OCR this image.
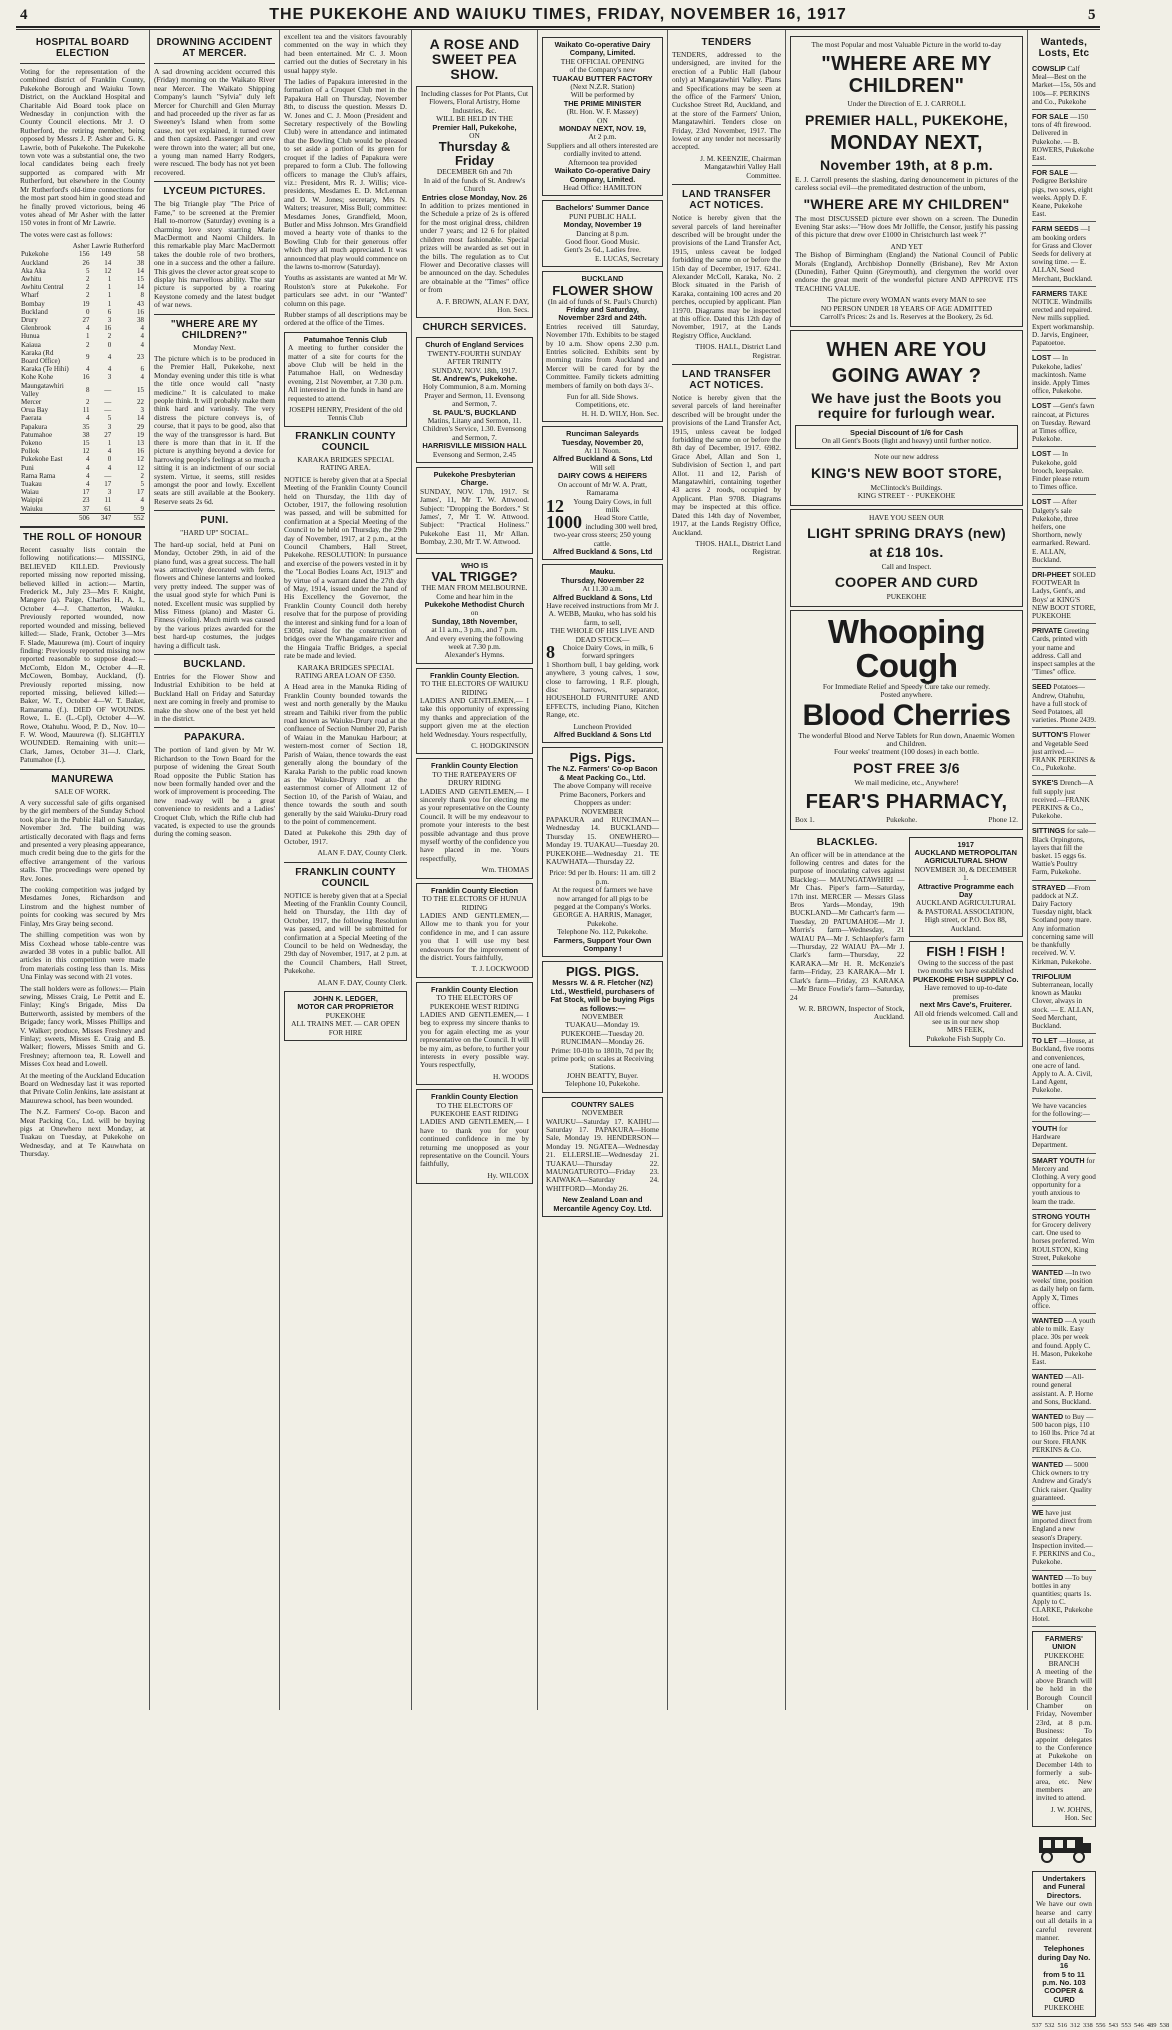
4	THE PUKEKOHE AND WAIUKU TIMES, FRIDAY, NOVEMBER 16, 1917	5
HOSPITAL BOARD ELECTION

Voting for the representation of the combined district of Franklin County, Pukekohe Borough and Waiuku Town District, on the Auckland Hospital and Charitable Aid Board took place on Wednesday in conjunction with the County Council elections. Mr J. O Rutherford, the retiring member, being opposed by Messrs J. P. Asher and G. K. Lawrie, both of Pukekohe. The Pukekohe town vote was a substantial one, the two local candidates being each freely supported as compared with Mr Rutherford, but elsewhere in the County Mr Rutherford's old-time connections for the most part stood him in good stead and he finally proved victorious, being 46 votes ahead of Mr Asher with the latter 150 votes in front of Mr Lawrie.

The votes were cast as follows:

	Asher	Lawrie	Rutherford
Pukekohe	156	149	58
Auckland	26	14	38
Aka Aka	5	12	14
Awhitu	2	1	15
Awhitu Central	2	1	14
Wharf	2	1	8
Bombay	19	1	43
Buckland	0	6	16
Drury	27	3	38
Glenbrook	4	16	4
Hunua	1	2	4
Kaiaua	2	0	4
Karaka (Rd Board Office)	9	4	23
Karaka (Te Hihi)	4	4	6
Kohe Kohe	16	3	4
Maungatawhiri Valley	8	—	15
Mercer	2	—	22
Orua Bay	11	—	3
Paerata	4	5	14
Papakura	35	3	29
Patumahoe	38	27	19
Pokeno	15	1	13
Pollok	12	4	16
Pukekohe East	4	0	12
Puni	4	4	12
Rama Rama	4	—	2
Tuakau	4	17	5
Waiau	17	3	17
Waipipi	23	11	4
Waiuku	37	61	9
	506	347	552
THE ROLL OF HONOUR

Recent casualty lists contain the following notifications:— MISSING, BELIEVED KILLED. Previously reported missing now reported missing, believed killed in action:— Martin, Frederick M., July 23—Mrs F. Knight, Mangere (a). Paige, Charles H., A. I., October 4—J. Chatterton, Waiuku. Previously reported wounded, now reported wounded and missing, believed killed:— Slade, Frank, October 3—Mrs F. Slade, Mauurewa (m). Court of inquiry finding: Previously reported missing now reported reasonable to suppose dead:— McComb, Eldon M., October 4—R. McCowen, Bombay, Auckland, (f). Previously reported missing, now reported missing, believed killed:— Baker, W. T., October 4—W. T. Baker, Ramarama (f.). DIED OF WOUNDS. Rowe, L. E. (L.-Cpl), October 4—W. Rowe, Otahuhu. Wood, P. D., Nov. 10—F. W. Wood, Mauurewa (f). SLIGHTLY WOUNDED. Remaining with unit:— Clark, James, October 31—J. Clark, Patumahoe (f.).

MANUREWA
SALE OF WORK.

A very successful sale of gifts organised by the girl members of the Sunday School took place in the Public Hall on Saturday, November 3rd. The building was artistically decorated with flags and ferns and presented a very pleasing appearance, much credit being due to the girls for the effective arrangement of the various stalls. The proceedings were opened by Rev. Jones.

The cooking competition was judged by Mesdames Jones, Richardson and Linstrom and the highest number of points for cooking was secured by Mrs Finlay, Mrs Gray being second.

The shilling competition was won by Miss Coxhead whose table-centre was awarded 38 votes in a public ballot. All articles in this competition were made from materials costing less than 1s. Miss Una Finlay was second with 21 votes.

The stall holders were as follows:— Plain sewing, Misses Craig, Le Pettit and E. Finlay; King's Brigade, Miss Da Butterworth, assisted by members of the Brigade; fancy work, Misses Phillips and V. Walker; produce, Misses Freshney and Finlay; sweets, Misses E. Craig and B. Walker; flowers, Misses Smith and G. Freshney; afternoon tea, R. Lowell and Misses Cox head and Lowell.

At the meeting of the Auckland Education Board on Wednesday last it was reported that Private Colin Jenkins, late assistant at Mauurewa school, has been wounded.

The N.Z. Farmers' Co-op. Bacon and Meat Packing Co., Ltd. will be buying pigs at Onewhero next Monday, at Tuakau on Tuesday, at Pukekohe on Wednesday, and at Te Kauwhata on Thursday.

DROWNING ACCIDENT AT MERCER.

A sad drowning accident occurred this (Friday) morning on the Waikato River near Mercer. The Waikato Shipping Company's launch "Sylvia" duly left Mercer for Churchill and Glen Murray and had proceeded up the river as far as Sweeney's Island when from some cause, not yet explained, it turned over and then capsized. Passenger and crew were thrown into the water; all but one, a young man named Harry Rodgers, were rescued. The body has not yet been recovered.

LYCEUM PICTURES.

The big Triangle play "The Price of Fame," to be screened at the Premier Hall to-morrow (Saturday) evening is a charming love story starring Marie MacDermott and Naomi Childers. In this remarkable play Marc MacDermott takes the double role of two brothers, one in a success and the other a failure. This gives the clever actor great scope to display his marvellous ability. The star picture is supported by a roaring Keystone comedy and the latest budget of war news.

"WHERE ARE MY CHILDREN?"
Monday Next.

The picture which is to be produced in the Premier Hall, Pukekohe, next Monday evening under this title is what the title once would call "nasty medicine." It is calculated to make people think. It will probably make them think hard and variously. The very distress the picture conveys is, of course, that it pays to be good, also that the way of the transgressor is hard. But there is more than that in it. If the picture is anything beyond a device for harrowing people's feelings at so much a sitting it is an indictment of our social system. Virtue, it seems, still resides amongst the poor and lowly. Excellent seats are still available at the Bookery. Reserve seats 2s 6d.

PUNI.
"HARD UP" SOCIAL.

The hard-up social, held at Puni on Monday, October 29th, in aid of the piano fund, was a great success. The hall was attractively decorated with ferns, flowers and Chinese lanterns and looked very pretty indeed. The supper was of the usual good style for which Puni is noted. Excellent music was supplied by Miss Fitness (piano) and Master G. Fitness (violin). Much mirth was caused by the various prizes awarded for the best hard-up costumes, the judges having a difficult task.

BUCKLAND.

Entries for the Flower Show and Industrial Exhibition to be held at Buckland Hall on Friday and Saturday next are coming in freely and promise to make the show one of the best yet held in the district.

PAPAKURA.

The portion of land given by Mr W. Richardson to the Town Board for the purpose of widening the Great South Road opposite the Public Station has now been formally handed over and the work of improvement is proceeding. The new road-way will be a great convenience to residents and a Ladies' Croquet Club, which the Rifle club had vacated, is expected to use the grounds during the coming season.

excellent tea and the visitors favourably commented on the way in which they had been entertained. Mr C. J. Moon carried out the duties of Secretary in his usual happy style.

The ladies of Papakura interested in the formation of a Croquet Club met in the Papakura Hall on Thursday, November 8th, to discuss the question. Messrs D. W. Jones and C. J. Moon (President and Secretary respectively of the Bowling Club) were in attendance and intimated that the Bowling Club would be pleased to set aside a portion of its green for croquet if the ladies of Papakura were prepared to form a Club. The following officers to manage the Club's affairs, viz.: President, Mrs R. J. Willis; vice-presidents, Mesdames E. D. McLennan and D. W. Jones; secretary, Mrs N. Walters; treasurer, Miss Bull; committee: Mesdames Jones, Grandfield, Moon, Butler and Miss Johnson. Mrs Grandfield moved a hearty vote of thanks to the Bowling Club for their generous offer which they all much appreciated. It was announced that play would commence on the lawns to-morrow (Saturday).

Youths as assistants are wanted at Mr W. Roulston's store at Pukekohe. For particulars see advt. in our "Wanted" column on this page.

Rubber stamps of all descriptions may be ordered at the office of the Times.

Patumahoe Tennis Club

A meeting to further consider the matter of a site for courts for the above Club will be held in the Patumahoe Hall, on Wednesday evening, 21st November, at 7.30 p.m. All interested in the funds in hand are requested to attend.

JOSEPH HENRY, President of the old Tennis Club
FRANKLIN COUNTY COUNCIL
KARAKA BRIDGES SPECIAL RATING AREA.

NOTICE is hereby given that at a Special Meeting of the Franklin County Council held on Thursday, the 11th day of October, 1917, the following resolution was passed, and will be submitted for confirmation at a Special Meeting of the Council to be held on Thursday, the 29th day of November, 1917, at 2 p.m., at the Council Chambers, Hall Street, Pukekohe. RESOLUTION: In pursuance and exercise of the powers vested in it by the "Local Bodies Loans Act, 1913" and by virtue of a warrant dated the 27th day of May, 1914, issued under the hand of His Excellency the Governor, the Franklin County Council doth hereby resolve that for the purpose of providing the interest and sinking fund for a loan of £3050, raised for the construction of bridges over the Whangamaire river and the Hingaia Traffic Bridges, a special rate be made and levied.

KARAKA BRIDGES SPECIAL RATING AREA LOAN OF £350.

A Head area in the Manuka Riding of Franklin County bounded towards the west and north generally by the Mauku stream and Taihiki river from the public road known as Waiuku-Drury road at the confluence of Section Number 20, Parish of Waiau in the Manukau Harbour; at western-most corner of Section 18, Parish of Waiau, thence towards the east generally along the boundary of the Karaka Parish to the public road known as the Waiuku-Drury road at the easternmost corner of Allotment 12 of Section 10, of the Parish of Waiau, and thence towards the south and south generally by the said Waiuku-Drury road to the point of commencement.

Dated at Pukekohe this 29th day of October, 1917.

ALAN F. DAY, County Clerk.
FRANKLIN COUNTY COUNCIL

NOTICE is hereby given that at a Special Meeting of the Franklin County Council, held on Thursday, the 11th day of October, 1917, the following Resolution was passed, and will be submitted for confirmation at a Special Meeting of the Council to be held on Wednesday, the 29th day of November, 1917, at 2 p.m. at the Council Chambers, Hall Street, Pukekohe.

ALAN F. DAY, County Clerk.
JOHN K. LEDGER,
MOTOR CAR PROPRIETOR
PUKEKOHE
ALL TRAINS MET. — CAR OPEN FOR HIRE
A ROSE AND SWEET PEA SHOW.
Including classes for Pot Plants, Cut Flowers, Floral Artistry, Home Industries, &c.
WILL BE HELD IN THE
Premier Hall, Pukekohe,
ON
Thursday & Friday
DECEMBER 6th and 7th
In aid of the funds of St. Andrew's Church
Entries close Monday, Nov. 26

In addition to prizes mentioned in the Schedule a prize of 2s is offered for the most original dress, children under 7 years; and 12 6 for plaited children most fashionable. Special prizes will be awarded as set out in the bills. The regulation as to Cut Flower and Decorative classes will be announced on the day. Schedules are obtainable at the "Times" office or from

A. F. BROWN, ALAN F. DAY, Hon. Secs.
CHURCH SERVICES.
Church of England Services
TWENTY-FOURTH SUNDAY AFTER TRINITY
SUNDAY, NOV. 18th, 1917.
St. Andrew's, Pukekohe.
Holy Communion, 8 a.m. Morning Prayer and Sermon, 11. Evensong and Sermon, 7.
St. PAUL'S, BUCKLAND
Matins, Litany and Sermon, 11. Children's Service, 1.30. Evensong and Sermon, 7.
HARRISVILLE MISSION HALL
Evensong and Sermon, 2.45
Pukekohe Presbyterian Charge.

SUNDAY, NOV. 17th, 1917. St James', 11, Mr T. W. Attwood. Subject: "Dropping the Borders." St James', 7, Mr T. W. Attwood. Subject: "Practical Holiness." Pukekohe East 11, Mr Allan. Bombay, 2.30, Mr T. W. Attwood.

WHO IS
VAL TRIGGE?
THE MAN FROM MELBOURNE.
Come and hear him in the
Pukekohe Methodist Church
on
Sunday, 18th November,
at 11 a.m., 3 p.m., and 7 p.m.
And every evening the following week at 7.30 p.m.
Alexander's Hymns.
Franklin County Election.
TO THE ELECTORS OF WAIUKU RIDING

LADIES AND GENTLEMEN,— I take this opportunity of expressing my thanks and appreciation of the support given me at the election held Wednesday. Yours respectfully,

C. HODGKINSON
Franklin County Election
TO THE RATEPAYERS OF DRURY RIDING

LADIES AND GENTLEMEN,— I sincerely thank you for electing me as your representative on the County Council. It will be my endeavour to promote your interests to the best possible advantage and thus prove myself worthy of the confidence you have placed in me. Yours respectfully,

Wm. THOMAS
Franklin County Election
TO THE ELECTORS OF HUNUA RIDING

LADIES AND GENTLEMEN,— Allow me to thank you for your confidence in me, and I can assure you that I will use my best endeavours for the improvement of the district. Yours faithfully,

T. J. LOCKWOOD
Franklin County Election
TO THE ELECTORS OF PUKEKOHE WEST RIDING

LADIES AND GENTLEMEN,— I beg to express my sincere thanks to you for again electing me as your representative on the Council. It will be my aim, as before, to further your interests in every possible way. Yours respectfully,

H. WOODS
Franklin County Election
TO THE ELECTORS OF PUKEKOHE EAST RIDING

LADIES AND GENTLEMEN,— I have to thank you for your continued confidence in me by returning me unopposed as your representative on the Council. Yours faithfully,

Hy. WILCOX
Waikato Co-operative Dairy Company, Limited.
THE OFFICIAL OPENING
of the Company's new
TUAKAU BUTTER FACTORY
(Next N.Z.R. Station)
Will be performed by
THE PRIME MINISTER
(Rt. Hon. W. F. Massey)
ON
MONDAY NEXT, NOV. 19,
At 2 p.m.
Suppliers and all others interested are cordially invited to attend.
Afternoon tea provided
Waikato Co-operative Dairy Company, Limited.
Head Office: HAMILTON
Bachelors' Summer Dance
PUNI PUBLIC HALL
Monday, November 19
Dancing at 8 p.m.
Good floor. Good Music.
Gent's 2s 6d., Ladies free.
E. LUCAS, Secretary
BUCKLAND
FLOWER SHOW
(In aid of funds of St. Paul's Church)
Friday and Saturday,
November 23rd and 24th.

Entries received till Saturday, November 17th. Exhibits to be staged by 10 a.m. Show opens 2.30 p.m. Entries solicited. Exhibits sent by morning trains from Auckland and Mercer will be cared for by the Committee. Family tickets admitting members of family on both days 3/-.

Fun for all. Side Shows. Competitions, etc.
H. H. D. WILY, Hon. Sec.
Runciman Saleyards
Tuesday, November 20,
At 11 Noon.
Alfred Buckland & Sons, Ltd
Will sell
DAIRY COWS & HEIFERS
On account of Mr W. A. Pratt, Ramarama
12 Young Dairy Cows, in full milk
1000 Head Store Cattle, including 300 well bred, two-year cross steers; 250 young cattle.
Alfred Buckland & Sons, Ltd
Mauku.
Thursday, November 22
At 11.30 a.m.
Alfred Buckland & Sons, Ltd
Have received instructions from Mr J. A. WEBB, Mauku, who has sold his farm, to sell,
THE WHOLE OF HIS LIVE AND DEAD STOCK—
8 Choice Dairy Cows, in milk, 6 forward springers

1 Shorthorn bull, 1 bay gelding, work anywhere, 3 young calves, 1 sow, close to farrowing, 1 R.F. plough, disc harrows, separator, HOUSEHOLD FURNITURE AND EFFECTS, including Piano, Kitchen Range, etc.

Luncheon Provided
Alfred Buckland & Sons Ltd
Pigs. Pigs.
The N.Z. Farmers' Co-op Bacon & Meat Packing Co., Ltd.
The above Company will receive Prime Baconers, Porkers and Choppers as under:
NOVEMBER

PAPAKURA and RUNCIMAN—Wednesday 14. BUCKLAND—Thursday 15. ONEWHERO—Monday 19. TUAKAU—Tuesday 20. PUKEKOHE—Wednesday 21. TE KAUWHATA—Thursday 22.

Price: 9d per lb. Hours: 11 am. till 2 p.m.
At the request of farmers we have now arranged for all pigs to be pegged at the Company's Works.
GEORGE A. HARRIS, Manager, Pukekohe.
Telephone No. 112, Pukekohe.
Farmers, Support Your Own Company !
PIGS. PIGS.
Messrs W. & R. Fletcher (NZ) Ltd., Westfield, purchasers of Fat Stock, will be buying Pigs as follows:—
NOVEMBER
TUAKAU—Monday 19. PUKEKOHE—Tuesday 20. RUNCIMAN—Monday 26.
Prime: 10-01b to 1801b, 7d per lb; prime pork; on scales at Receiving Stations.
JOHN BEATTY, Buyer.
Telephone 10, Pukekohe.
COUNTRY SALES
NOVEMBER

WAIUKU—Saturday 17. KAIHU—Saturday 17. PAPAKURA—Home Sale, Monday 19. HENDERSON—Monday 19. NGATEA—Wednesday 21. ELLERSLIE—Wednesday 21. TUAKAU—Thursday 22. MAUNGATUROTO—Friday 23. KAIWAKA—Saturday 24. WHITFORD—Monday 26.

New Zealand Loan and Mercantile Agency Coy. Ltd.
TENDERS

TENDERS, addressed to the undersigned, are invited for the erection of a Public Hall (labour only) at Mangatawhiri Valley. Plans and Specifications may be seen at the office of the Farmers' Union, Cuckshoe Street Rd, Auckland, and at the store of the Farmers' Union, Mangatawhiri. Tenders close on Friday, 23rd November, 1917. The lowest or any tender not necessarily accepted.

J. M. KEENZIE, Chairman Mangatawhiri Valley Hall Committee.
LAND TRANSFER ACT NOTICES.

Notice is hereby given that the several parcels of land hereinafter described will be brought under the provisions of the Land Transfer Act, 1915, unless caveat be lodged forbidding the same on or before the 15th day of December, 1917. 6241. Alexander McColl, Karaka, No. 2 Block situated in the Parish of Karaka, containing 100 acres and 20 perches, occupied by applicant. Plan 11970. Diagrams may be inspected at this office. Dated this 12th day of November, 1917, at the Lands Registry Office, Auckland.

THOS. HALL, District Land Registrar.
LAND TRANSFER ACT NOTICES.

Notice is hereby given that the several parcels of land hereinafter described will be brought under the provisions of the Land Transfer Act, 1915, unless caveat be lodged forbidding the same on or before the 8th day of December, 1917. 6982. Grace Abel, Allan and Son 1, Subdivision of Section 1, and part Allot. 11 and 12, Parish of Mangatawhiri, containing together 43 acres 2 roods, occupied by Applicant. Plan 9708. Diagrams may be inspected at this office. Dated this 14th day of November, 1917, at the Lands Registry Office, Auckland.

THOS. HALL, District Land Registrar.
The most Popular and most Valuable Picture in the world to-day
"WHERE ARE MY CHILDREN"
Under the Direction of E. J. CARROLL
PREMIER HALL, PUKEKOHE,
MONDAY NEXT,
November 19th, at 8 p.m.

E. J. Carroll presents the slashing, daring denouncement in pictures of the careless social evil—the premeditated destruction of the unborn,

"WHERE ARE MY CHILDREN"

The most DISCUSSED picture ever shown on a screen. The Dunedin Evening Star asks:—"How does Mr Jolliffe, the Censor, justify his passing of this picture that drew over £1000 in Christchurch last week ?"

AND YET

The Bishop of Birmingham (England) the National Council of Public Morals (England), Archbishop Donnelly (Brisbane), Rev Mr Axton (Dunedin), Father Quinn (Greymouth), and clergymen the world over endorse the great merit of the wonderful picture AND APPROVE ITS TEACHING VALUE.

The picture every WOMAN wants every MAN to see
NO PERSON UNDER 18 YEARS OF AGE ADMITTED
Carroll's Prices: 2s and 1s. Reserves at the Bookery, 2s 6d.
WHEN ARE YOU
GOING AWAY ?
We have just the Boots you require for furlough wear.
Special Discount of 1/6 for Cash
On all Gent's Boots (light and heavy) until further notice.
Note our new address
KING'S NEW BOOT STORE,
McClintock's Buildings.
KING STREET · · PUKEKOHE
HAVE YOU SEEN OUR
LIGHT SPRING DRAYS (new)
at £18 10s.
Call and Inspect.
COOPER AND CURD
PUKEKOHE
Whooping Cough
For Immediate Relief and Speedy Cure take our remedy.
Posted anywhere.
Blood Cherries
The wonderful Blood and Nerve Tablets for Run down, Anaemic Women and Children.
Four weeks' treatment (100 doses) in each bottle.
POST FREE 3/6
We mail medicine, etc., Anywhere!
FEAR'S PHARMACY,
Box 1.	Pukekohe.	Phone 12.
BLACKLEG.

An officer will be in attendance at the following centres and dates for the purpose of inoculating calves against Blackleg:— MAUNGATAWHIRI — Mr Chas. Piper's farm—Saturday, 17th inst. MERCER — Messrs Glass Bros Yards—Monday, 19th BUCKLAND—Mr Cathcart's farm —Tuesday, 20 PATUMAHOE—Mr J. Morris's farm—Wednesday, 21 WAIAU PA—Mr J. Schlaepfer's farm—Thursday, 22 WAIAU PA—Mr J. Clark's farm—Thursday, 22 KARAKA—Mr H. R. McKenzie's farm—Friday, 23 KARAKA—Mr I. Clark's farm—Friday, 23 KARAKA—Mr Bruce Fowlie's farm—Saturday, 24

W. R. BROWN, Inspector of Stock, Auckland.
1917
AUCKLAND METROPOLITAN AGRICULTURAL SHOW
NOVEMBER 30, & DECEMBER 1.
Attractive Programme each Day
AUCKLAND AGRICULTURAL & PASTORAL ASSOCIATION, High street, or P.O. Box 88, Auckland.
FISH ! FISH !
Owing to the success of the past two months we have established
PUKEKOHE FISH SUPPLY Co.
Have removed to up-to-date premises
next Mrs Cave's, Fruiterer.
All old friends welcomed. Call and see us in our new shop
MRS FEEK,
Pukekohe Fish Supply Co.
Wanteds, Losts, Etc
COWSLIP Calf Meal—Best on the Market—15s, 50s and 100s—F. PERKINS and Co., Pukekohe
FOR SALE —150 tons of 4ft firewood. Delivered in Pukekohe. — B. ROWERS, Pukekohe East.
FOR SALE — Pedigree Berkshire pigs, two sows, eight weeks. Apply D. F. Keane, Pukekohe East.
FARM SEEDS —I am booking orders for Grass and Clover Seeds for delivery at sowing time. — E. ALLAN, Seed Merchant, Buckland.
FARMERS TAKE NOTICE. Windmills erected and repaired. New mills supplied. Expert workmanship. D. Jarvis, Engineer, Papatoetoe.
LOST — In Pukekohe, ladies' mackintosh. Name inside. Apply Times office, Pukekohe.
LOST —Gent's fawn raincoat, at Pictures on Tuesday. Reward at Times office, Pukekohe.
LOST — In Pukekohe, gold brooch, keepsake. Finder please return to Times office.
LOST — After Dalgety's sale Pukekohe, three heifers, one Shorthorn, newly earmarked. Reward. E. ALLAN, Buckland.
DRI-PHEET SOLED FOOTWEAR In Ladys, Gent's, and Boys' at KING'S NEW BOOT STORE, PUKEKOHE
PRIVATE Greeting Cards, printed with your name and address. Call and inspect samples at the "Times" office.
SEED Potatoes—Andrew, Otahuhu, have a full stock of Seed Potatoes, all varieties. Phone 2439.
SUTTON'S Flower and Vegetable Seed just arrived.—FRANK PERKINS & Co., Pukekohe.
SYKE'S Drench—A full supply just received.—FRANK PERKINS & Co., Pukekohe.
SITTINGS for sale—Black Orpingtons, layers that fill the basket. 15 eggs 6s. Wattie's Poultry Farm, Pukekohe.
STRAYED —From paddock at N.Z. Dairy Factory Tuesday night, black Scotland pony mare. Any information concerning same will be thankfully received. W. V. Kirkman, Pukekohe.
TRIFOLIUM Subterranean, locally known as Mauku Clover, always in stock. — E. ALLAN, Seed Merchant, Buckland.
TO LET —House, at Buckland, five rooms and conveniences, one acre of land. Apply to A. A. Civil, Land Agent, Pukekohe.
We have vacancies for the following:—
YOUTH for Hardware Department.
SMART YOUTH for Mercery and Clothing. A very good opportunity for a youth anxious to learn the trade.
STRONG YOUTH for Grocery delivery cart. One used to horses preferred. Wm ROULSTON, King Street, Pukekohe
WANTED —In two weeks' time, position as daily help on farm. Apply X, Times office.
WANTED —A youth able to milk. Easy place. 30s per week and found. Apply C. H. Mason, Pukekohe East.
WANTED —All-round general assistant. A. P. Horne and Sons, Buckland.
WANTED to Buy — 500 bacon pigs, 110 to 160 lbs. Price 7d at our Store. FRANK PERKINS & Co.
WANTED — 5000 Chick owners to try Andrew and Grady's Chick raiser. Quality guaranteed.
WE have just imported direct from England a new season's Drapery. Inspection invited.—F. PERKINS and Co., Pukekohe.
WANTED —To buy bottles in any quantities; quarts 1s. Apply to C. CLARKE, Pukekohe Hotel.
FARMERS' UNION
PUKEKOHE BRANCH

A meeting of the above Branch will be held in the Borough Council Chamber on Friday, November 23rd, at 8 p.m. Business: To appoint delegates to the Conference at Pukekohe on December 14th to formerly a sub-area, etc. New members are invited to attend.

J. W. JOHNS, Hon. Sec
Undertakers and Funeral Directors.

We have our own hearse and carry out all details in a careful reverent manner.

Telephones during Day No. 16
from 5 to 11 p.m. No. 103
COOPER & CURD
PUKEKOHE
537 532 516 312 338 556 543 553 546 489 538
